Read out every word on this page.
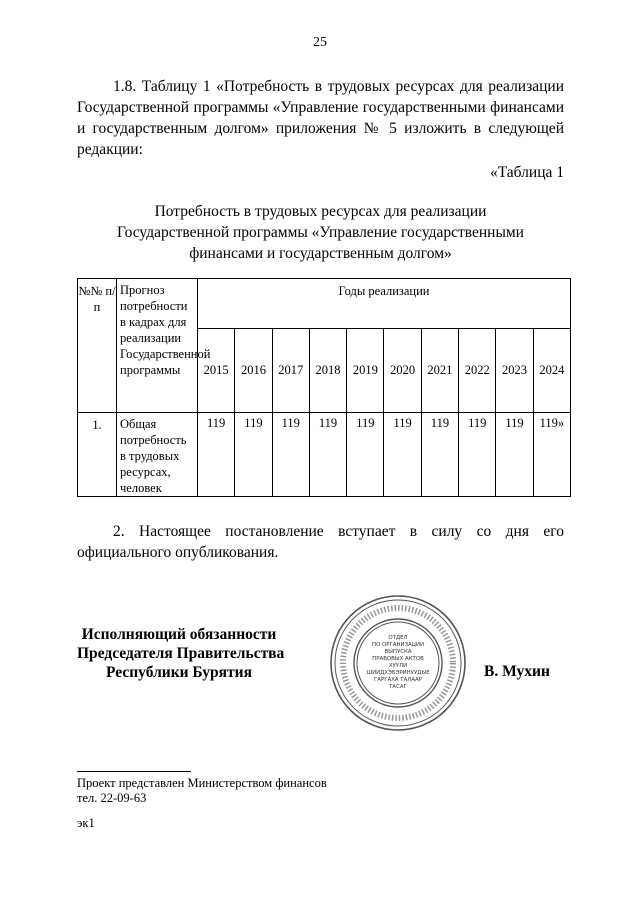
25

1.8. Таблицу 1 «Потребность в трудовых ресурсах для реализации Государственной программы «Управление государственными финансами и государственным долгом» приложения № 5 изложить в следующей редакции:

«Таблица 1
Потребность в трудовых ресурсах для реализации
Государственной программы «Управление государственными
финансами и государственным долгом»
№№ п/п	Прогноз потребности в кадрах для реализации Государственной программы	Годы реализации									
		2015	2016	2017	2018	2019	2020	2021	2022	2023	2024
1.	Общая потребность в трудовых ресурсах, человек	119	119	119	119	119	119	119	119	119	119»

2. Настоящее постановление вступает в силу со дня его официального опубликования.

Исполняющий обязанности
Председателя Правительства
Республики Бурятия
ОТДЕЛ
ПО ОРГАНИЗАЦИИ
ВЫПУСКА
ПРАВОВЫХ АКТОВ
ХУУЛИ
ШИИДХЭБЭРИНУУДЫЕ
ГАРГАХА ТАЛААР
ТАСАГ
В. Мухин
Проект представлен Министерством финансов
тел. 22-09-63
эк1
